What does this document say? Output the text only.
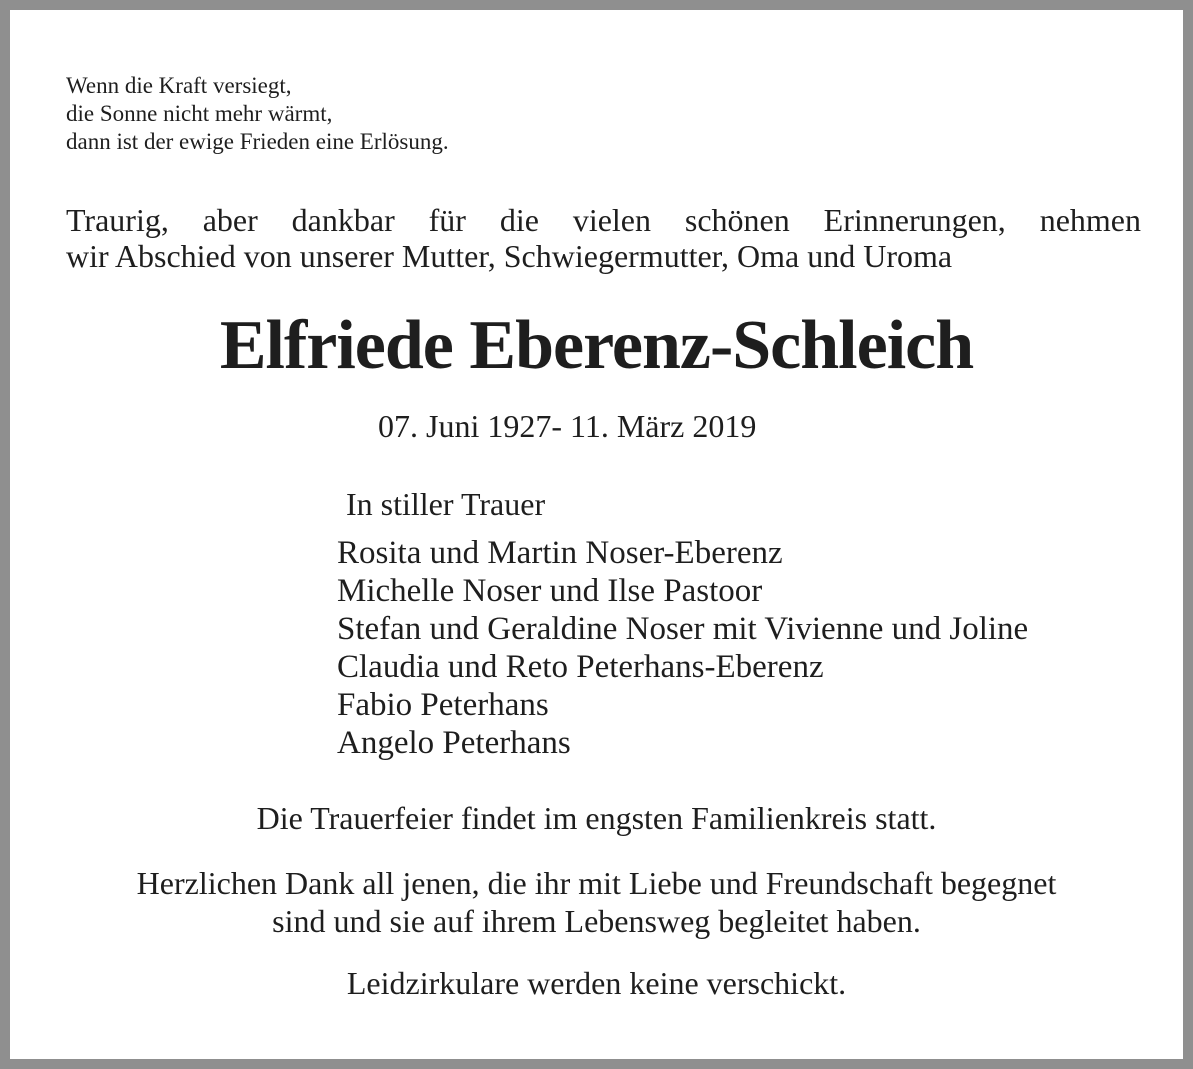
Wenn die Kraft versiegt,
die Sonne nicht mehr wärmt,
dann ist der ewige Frieden eine Erlösung.
Traurig, aber dankbar für die vielen schönen Erinnerungen, nehmen
wir Abschied von unserer Mutter, Schwiegermutter, Oma und Uroma
Elfriede Eberenz-Schleich
07. Juni 1927- 11. März 2019
In stiller Trauer
Rosita und Martin Noser-Eberenz
Michelle Noser und Ilse Pastoor
Stefan und Geraldine Noser mit Vivienne und Joline
Claudia und Reto Peterhans-Eberenz
Fabio Peterhans
Angelo Peterhans
Die Trauerfeier findet im engsten Familienkreis statt.
Herzlichen Dank all jenen, die ihr mit Liebe und Freundschaft begegnet
sind und sie auf ihrem Lebensweg begleitet haben.
Leidzirkulare werden keine verschickt.
